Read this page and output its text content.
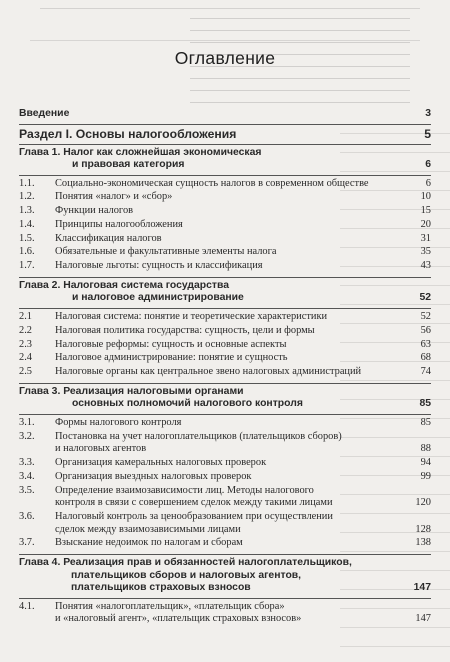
Оглавление
Введение	3
Раздел I. Основы налогообложения	5
Глава 1. Налог как сложнейшая экономическая
и правовая категория	6
1.1. Социально-экономическая сущность налогов в современном обществе	6
1.2. Понятия «налог» и «сбор»	10
1.3. Функции налогов	15
1.4. Принципы налогообложения	20
1.5. Классификация налогов	31
1.6. Обязательные и факультативные элементы налога	35
1.7. Налоговые льготы: сущность и классификация	43
Глава 2. Налоговая система государства
и налоговое администрирование	52
2.1 Налоговая система: понятие и теоретические характеристики	52
2.2 Налоговая политика государства: сущность, цели и формы	56
2.3 Налоговые реформы: сущность и основные аспекты	63
2.4 Налоговое администрирование: понятие и сущность	68
2.5 Налоговые органы как центральное звено налоговых администраций	74
Глава 3. Реализация налоговыми органами
основных полномочий налогового контроля	85
3.1. Формы налогового контроля	85
3.2. Постановка на учет налогоплательщиков (плательщиков сборов)
и налоговых агентов	88
3.3. Организация камеральных налоговых проверок	94
3.4. Организация выездных налоговых проверок	99
3.5. Определение взаимозависимости лиц. Методы налогового
контроля в связи с совершением сделок между такими лицами	120
3.6. Налоговый контроль за ценообразованием при осуществлении
сделок между взаимозависимыми лицами	128
3.7. Взыскание недоимок по налогам и сборам	138
Глава 4. Реализация прав и обязанностей налогоплательщиков,
плательщиков сборов и налоговых агентов,
плательщиков страховых взносов	147
4.1. Понятия «налогоплательщик», «плательщик сбора»
и «налоговый агент», «плательщик страховых взносов»	147
